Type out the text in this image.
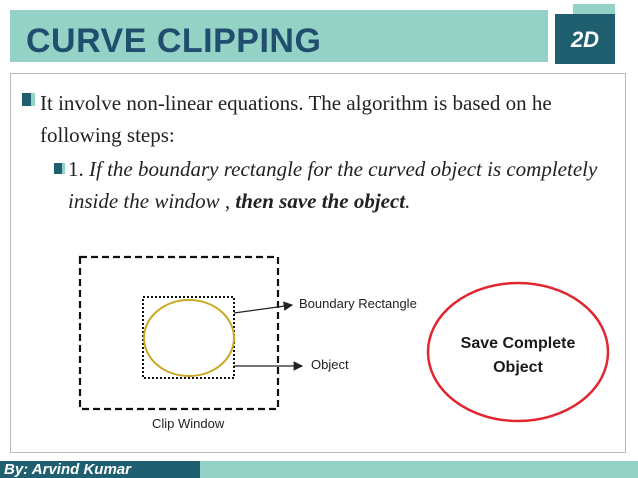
CURVE CLIPPING	2D
It involve non-linear equations. The algorithm is based on he following steps:
1. If the boundary rectangle for the curved object is completely inside the window , then save the object.
Boundary Rectangle
Object
Clip Window
Save Complete
Object
By: Arvind Kumar
